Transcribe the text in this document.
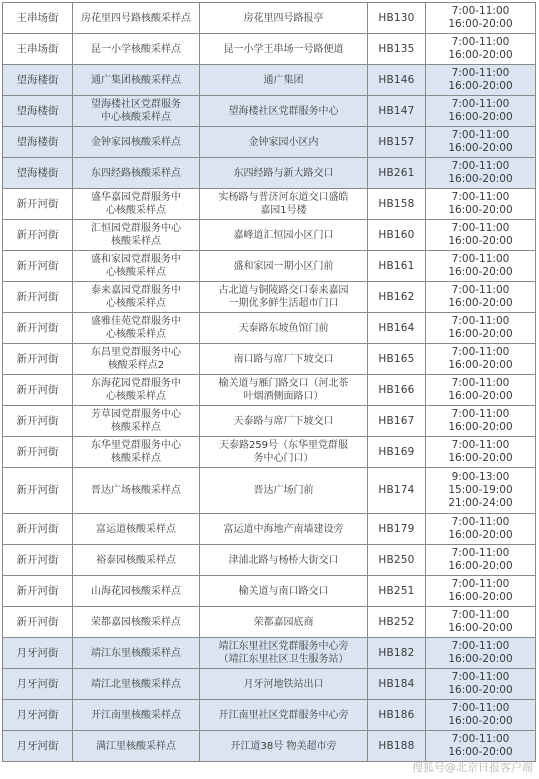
王串场街	房花里四号路核酸采样点	房花里四号路报亭	HB130	7:00-11:00
16:00-20:00
王串场街	昆一小学核酸采样点	昆一小学王串场一号路便道	HB135	7:00-11:00
16:00-20:00
望海楼街	通广集团核酸采样点	通广集团	HB146	7:00-11:00
16:00-20:00
望海楼街	望海楼社区党群服务
中心核酸采样点	望海楼社区党群服务中心	HB147	7:00-11:00
16:00-20:00
望海楼街	金钟家园核酸采样点	金钟家园小区内	HB157	7:00-11:00
16:00-20:00
望海楼街	东四经路核酸采样点	东四经路与新大路交口	HB261	7:00-11:00
16:00-20:00
新开河街	盛华嘉园党群服务中
心核酸采样点	实杨路与普济河东道交口盛皓
嘉园1号楼	HB158	7:00-11:00
16:00-20:00
新开河街	汇恒园党群服务中心
核酸采样点	嘉峰道汇恒园小区门口	HB160	7:00-11:00
16:00-20:00
新开河街	盛和家园党群服务中
心核酸采样点	盛和家园一期小区门前	HB161	7:00-11:00
16:00-20:00
新开河街	泰来嘉园党群服务中
心核酸采样点	古北道与铜陵路交口泰来嘉园
一期优多鲜生活超市门口	HB162	7:00-11:00
16:00-20:00
新开河街	盛雅佳苑党群服务中
心核酸采样点	天泰路东坡鱼馆门前	HB164	7:00-11:00
16:00-20:00
新开河街	东昌里党群服务中心
核酸采样点2	南口路与席厂下坡交口	HB165	7:00-11:00
16:00-20:00
新开河街	东海花园党群服务中
心核酸采样点	榆关道与雁门路交口（河北茶
叶烟酒侧面路口）	HB166	7:00-11:00
16:00-20:00
新开河街	芳草园党群服务中心
核酸采样点	天泰路与席厂下坡交口	HB167	7:00-11:00
16:00-20:00
新开河街	东华里党群服务中心
核酸采样点	天泰路259号（东华里党群服
务中心门口）	HB169	7:00-11:00
16:00-20:00
新开河街	晋达广场核酸采样点	晋达广场门前	HB174	9:00-13:00
15:00-19:00
21:00-24:00
新开河街	富运道核酸采样点	富运道中海地产南墙建设旁	HB179	7:00-11:00
16:00-20:00
新开河街	裕泰园核酸采样点	津浦北路与杨桥大街交口	HB250	7:00-11:00
16:00-20:00
新开河街	山海花园核酸采样点	榆关道与南口路交口	HB251	7:00-11:00
16:00-20:00
新开河街	荣都嘉园核酸采样点	荣都嘉园底商	HB252	7:00-11:00
16:00-20:00
月牙河街	靖江东里核酸采样点	靖江东里社区党群服务中心旁
（靖江东里社区卫生服务站）	HB182	7:00-11:00
16:00-20:00
月牙河街	靖江北里核酸采样点	月牙河地铁站出口	HB184	7:00-11:00
16:00-20:00
月牙河街	开江南里核酸采样点	开江南里社区党群服务中心旁	HB186	7:00-11:00
16:00-20:00
月牙河街	满江里核酸采样点	开江道38号 物美超市旁	HB188	7:00-11:00
16:00-20:00
搜狐号@北京日报客户端
